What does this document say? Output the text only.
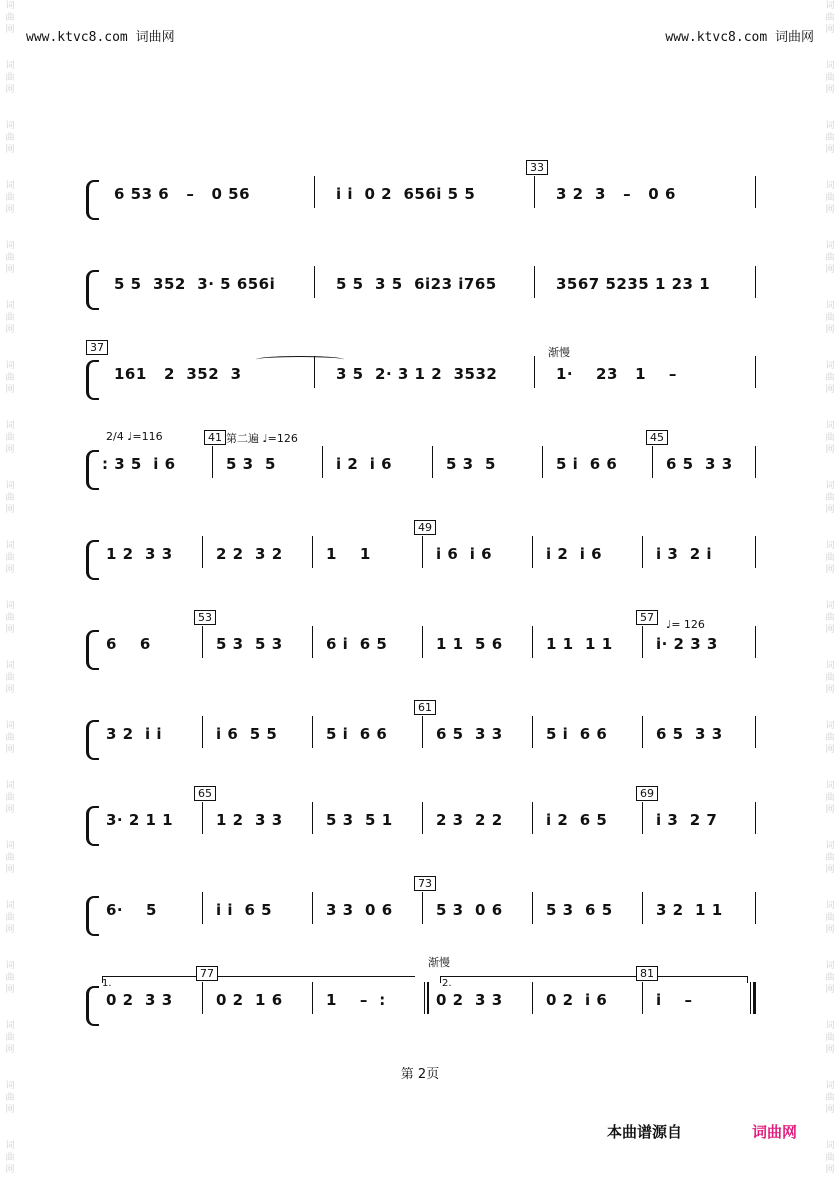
www.ktvc8.com 词曲网	www.ktvc8.com 词曲网
词
曲
网
词
曲
网
词
曲
网
词
曲
网
词
曲
网
词
曲
网
词
曲
网
词
曲
网
词
曲
网
词
曲
网
词
曲
网
词
曲
网
词
曲
网
词
曲
网
词
曲
网
词
曲
网
词
曲
网
词
曲
网
词
曲
网
词
曲
网
词
曲
网
词
曲
网
词
曲
网
词
曲
网
词
曲
网
词
曲
网
词
曲
网
词
曲
网
词
曲
网
词
曲
网
词
曲
网
词
曲
网
词
曲
网
词
曲
网
词
曲
网
词
曲
网
词
曲
网
词
曲
网
词
曲
网
词
曲
网
6 53 6   –   0 56	i i  0 2  656i 5 5
33
3 2  3   –   0 6
5 5  352  3· 5 656i	5 5  3 5  6i23 i765	3567 5235 1 23 1
37
161   2  352  3	3 5  2· 3 1 2  3532
渐慢
1·    23   1    –
2/4 ♩=116
: 3 5  i 6
41 第二遍 ♩=126
5 3  5	i 2  i 6	5 3  5	5 i  6 6
45
6 5  3 3
1 2  3 3	2 2  3 2	1    1
49
i 6  i 6	i 2  i 6	i 3  2 i
6    6
53
5 3  5 3	6 i  6 5	1 1  5 6	1 1  1 1
57
♩= 126
i· 2 3 3
3 2  i i	i 6  5 5	5 i  6 6
61
6 5  3 3	5 i  6 6	6 5  3 3
3· 2 1 1
65
1 2  3 3	5 3  5 1	2 3  2 2	i 2  6 5
69
i 3  2 7
6·    5	i i  6 5	3 3  0 6
73
5 3  0 6	5 3  6 5	3 2  1 1
1.
77
0 2  3 3	0 2  1 6	1    –  :
渐慢
2.
0 2  3 3	0 2  i 6
81
i    –
第 2页
本曲谱源自	词曲网
